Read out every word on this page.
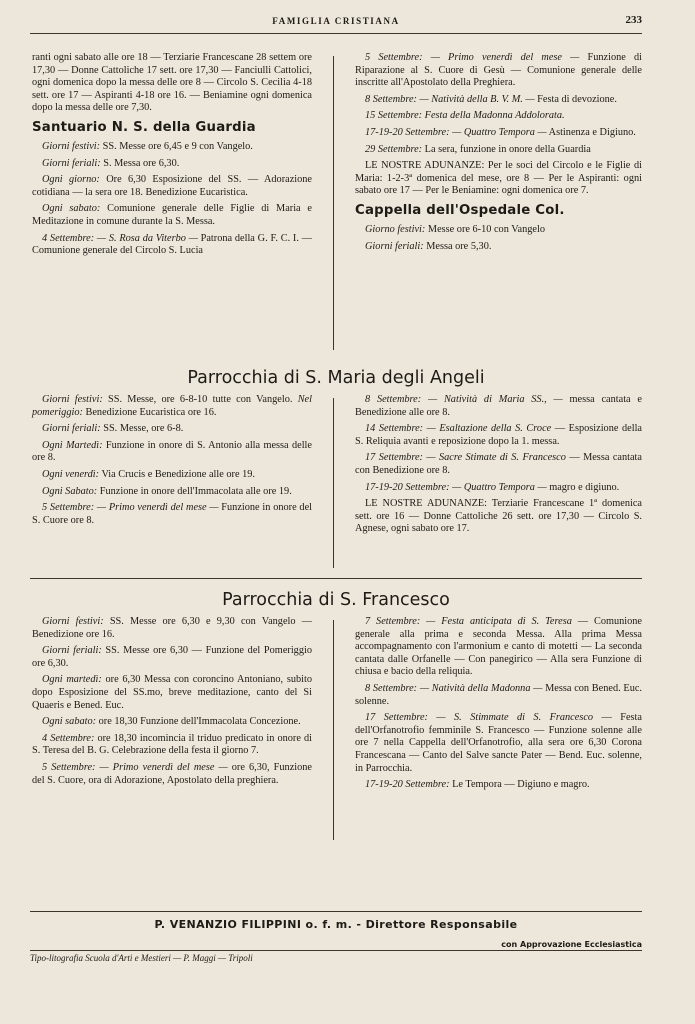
FAMIGLIA CRISTIANA	233

ranti ogni sabato alle ore 18 — Terziarie Francescane 28 settem ore 17,30 — Donne Cattoliche 17 sett. ore 17,30 — Fanciulli Cattolici, ogni domenica dopo la messa delle ore 8 — Circolo S. Cecilia 4-18 sett. ore 17 — Aspiranti 4-18 ore 16. — Beniamine ogni domenica dopo la messa delle ore 7,30.

Santuario N. S. della Guardia

Giorni festivi: SS. Messe ore 6,45 e 9 con Vangelo.

Giorni feriali: S. Messa ore 6,30.

Ogni giorno: Ore 6,30 Esposizione del SS. — Adorazione cotidiana — la sera ore 18. Benedizione Eucaristica.

Ogni sabato: Comunione generale delle Figlie di Maria e Meditazione in comune durante la S. Messa.

4 Settembre: — S. Rosa da Viterbo — Patrona della G. F. C. I. — Comunione generale del Circolo S. Lucia

5 Settembre: — Primo venerdì del mese — Funzione di Riparazione al S. Cuore di Gesù — Comunione generale delle inscritte all'Apostolato della Preghiera.

8 Settembre: — Natività della B. V. M. — Festa di devozione.

15 Settembre: Festa della Madonna Addolorata.

17-19-20 Settembre: — Quattro Tempora — Astinenza e Digiuno.

29 Settembre: La sera, funzione in onore della Guardia

LE NOSTRE ADUNANZE: Per le soci del Circolo e le Figlie di Maria: 1-2-3ª domenica del mese, ore 8 — Per le Aspiranti: ogni sabato ore 17 — Per le Beniamine: ogni domenica ore 7.

Cappella dell'Ospedale Col.

Giorno festivi: Messe ore 6-10 con Vangelo

Giorni feriali: Messa ore 5,30.

Parrocchia di S. Maria degli Angeli

Giorni festivi: SS. Messe, ore 6-8-10 tutte con Vangelo. Nel pomeriggio: Benedizione Eucaristica ore 16.

Giorni feriali: SS. Messe, ore 6-8.

Ogni Martedì: Funzione in onore di S. Antonio alla messa delle ore 8.

Ogni venerdì: Via Crucis e Benedizione alle ore 19.

Ogni Sabato: Funzione in onore dell'Immacolata alle ore 19.

5 Settembre: — Primo venerdì del mese — Funzione in onore del S. Cuore ore 8.

8 Settembre: — Natività di Maria SS., — messa cantata e Benedizione alle ore 8.

14 Settembre: — Esaltazione della S. Croce — Esposizione della S. Reliquia avanti e reposizione dopo la 1. messa.

17 Settembre: — Sacre Stimate di S. Francesco — Messa cantata con Benedizione ore 8.

17-19-20 Settembre: — Quattro Tempora — magro e digiuno.

LE NOSTRE ADUNANZE: Terziarie Francescane 1ª domenica sett. ore 16 — Donne Cattoliche 26 sett. ore 17,30 — Circolo S. Agnese, ogni sabato ore 17.

Parrocchia di S. Francesco

Giorni festivi: SS. Messe ore 6,30 e 9,30 con Vangelo — Benedizione ore 16.

Giorni feriali: SS. Messe ore 6,30 — Funzione del Pomeriggio ore 6,30.

Ogni martedì: ore 6,30 Messa con coroncino Antoniano, subito dopo Esposizione del SS.mo, breve meditazione, canto del Si Quaeris e Bened. Euc.

Ogni sabato: ore 18,30 Funzione dell'Immacolata Concezione.

4 Settembre: ore 18,30 incomincia il triduo predicato in onore di S. Teresa del B. G. Celebrazione della festa il giorno 7.

5 Settembre: — Primo venerdì del mese — ore 6,30, Funzione del S. Cuore, ora di Adorazione, Apostolato della preghiera.

7 Settembre: — Festa anticipata di S. Teresa — Comunione generale alla prima e seconda Messa. Alla prima Messa accompagnamento con l'armonium e canto di motetti — La seconda cantata dalle Orfanelle — Con panegirico — Alla sera Funzione di chiusa e bacio della reliquia.

8 Settembre: — Natività della Madonna — Messa con Bened. Euc. solenne.

17 Settembre: — S. Stimmate di S. Francesco — Festa dell'Orfanotrofio femminile S. Francesco — Funzione solenne alle ore 7 nella Cappella dell'Orfanotrofio, alla sera ore 6,30 Corona Francescana — Canto del Salve sancte Pater — Bend. Euc. solenne, in Parrocchia.

17-19-20 Settembre: Le Tempora — Digiuno e magro.

P. VENANZIO FILIPPINI o. f. m. - Direttore Responsabile
con Approvazione Ecclesiastica
Tipo-litografia Scuola d'Arti e Mestieri — P. Maggi — Tripoli
